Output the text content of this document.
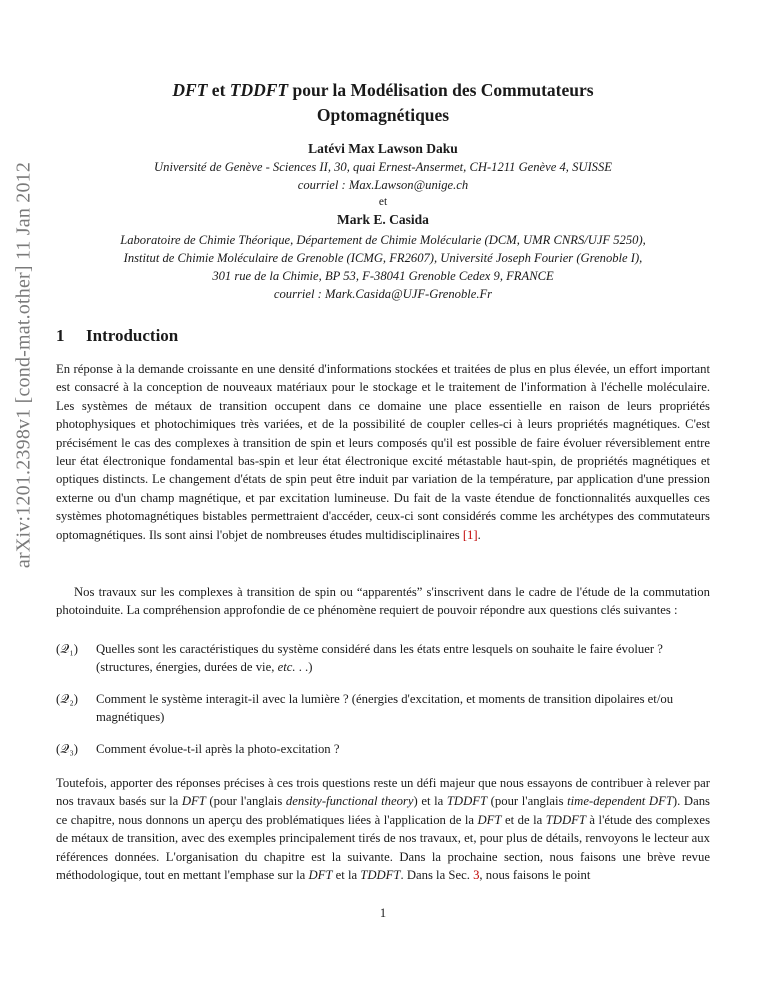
arXiv:1201.2398v1 [cond-mat.other] 11 Jan 2012
DFT et TDDFT pour la Modélisation des Commutateurs
Optomagnétiques
Latévi Max Lawson Daku
Université de Genève - Sciences II, 30, quai Ernest-Ansermet, CH-1211 Genève 4, SUISSE
courriel : Max.Lawson@unige.ch
et
Mark E. Casida
Laboratoire de Chimie Théorique, Département de Chimie Molécularie (DCM, UMR CNRS/UJF 5250),
Institut de Chimie Moléculaire de Grenoble (ICMG, FR2607), Université Joseph Fourier (Grenoble I),
301 rue de la Chimie, BP 53, F-38041 Grenoble Cedex 9, FRANCE
courriel : Mark.Casida@UJF-Grenoble.Fr
1 Introduction

En réponse à la demande croissante en une densité d'informations stockées et traitées de plus en plus élevée, un effort important est consacré à la conception de nouveaux matériaux pour le stockage et le traitement de l'information à l'échelle moléculaire. Les systèmes de métaux de transition occupent dans ce domaine une place essentielle en raison de leurs propriétés photophysiques et photochimiques très variées, et de la possibilité de coupler celles-ci à leurs propriétés magnétiques. C'est précisément le cas des complexes à transition de spin et leurs composés qu'il est possible de faire évoluer réversiblement entre leur état électronique fondamental bas-spin et leur état électronique excité métastable haut-spin, de propriétés magnétiques et optiques distincts. Le changement d'états de spin peut être induit par variation de la température, par application d'une pression externe ou d'un champ magnétique, et par excitation lumineuse. Du fait de la vaste étendue de fonctionnalités auxquelles ces systèmes photomagnétiques bistables permettraient d'accéder, ceux-ci sont considérés comme les archétypes des commutateurs optomagnétiques. Ils sont ainsi l'objet de nombreuses études multidisciplinaires [1].

Nos travaux sur les complexes à transition de spin ou “apparentés” s'inscrivent dans le cadre de l'étude de la commutation photoinduite. La compréhension approfondie de ce phénomène requiert de pouvoir répondre aux questions clés suivantes :

(𝒬₁)	Quelles sont les caractéristiques du système considéré dans les états entre lesquels on souhaite le faire évoluer ? (structures, énergies, durées de vie, etc. . .)
(𝒬₂)	Comment le système interagit-il avec la lumière ? (énergies d'excitation, et moments de transition dipolaires et/ou magnétiques)
(𝒬₃)	Comment évolue-t-il après la photo-excitation ?

Toutefois, apporter des réponses précises à ces trois questions reste un défi majeur que nous essayons de contribuer à relever par nos travaux basés sur la DFT (pour l'anglais density-functional theory) et la TDDFT (pour l'anglais time-dependent DFT). Dans ce chapitre, nous donnons un aperçu des problématiques liées à l'application de la DFT et de la TDDFT à l'étude des complexes de métaux de transition, avec des exemples principalement tirés de nos travaux, et, pour plus de détails, renvoyons le lecteur aux références données. L'organisation du chapitre est la suivante. Dans la prochaine section, nous faisons une brève revue méthodologique, tout en mettant l'emphase sur la DFT et la TDDFT. Dans la Sec. 3, nous faisons le point

1
